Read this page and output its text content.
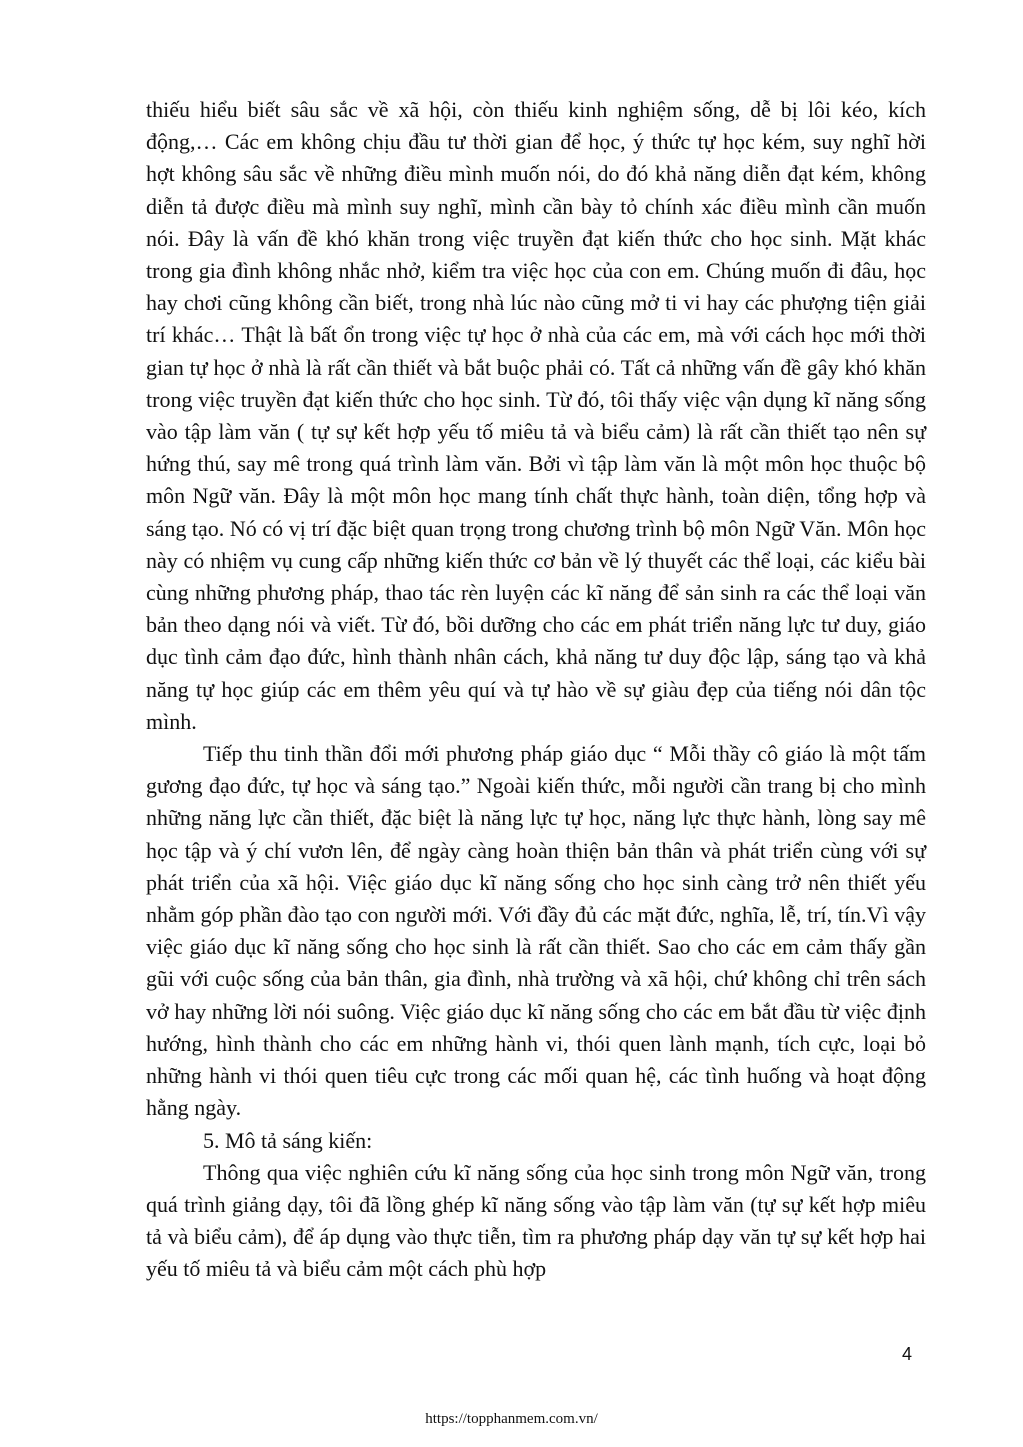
thiếu hiểu biết sâu sắc về xã hội, còn thiếu kinh nghiệm sống, dễ bị lôi kéo, kích động,… Các em không chịu đầu tư thời gian để học, ý thức tự học kém, suy nghĩ hời hợt không sâu sắc về những điều mình muốn nói, do đó khả năng diễn đạt kém, không diễn tả được điều mà mình suy nghĩ, mình cần bày tỏ chính xác điều mình cần muốn nói. Đây là vấn đề khó khăn trong việc truyền đạt kiến thức cho học sinh. Mặt khác trong gia đình không nhắc nhở, kiểm tra việc học của con em. Chúng muốn đi đâu, học hay chơi cũng không cần biết, trong nhà lúc nào cũng mở ti vi hay các phượng tiện giải trí khác… Thật là bất ổn trong việc tự học ở nhà của các em, mà với cách học mới thời gian tự học ở nhà là rất cần thiết và bắt buộc phải có. Tất cả những vấn đề gây khó khăn trong việc truyền đạt kiến thức cho học sinh. Từ đó, tôi thấy việc vận dụng kĩ năng sống vào tập làm văn ( tự sự kết hợp yếu tố miêu tả và biểu cảm) là rất cần thiết tạo nên sự hứng thú, say mê trong quá trình làm văn. Bởi vì tập làm văn là một môn học thuộc bộ môn Ngữ văn. Đây là một môn học mang tính chất thực hành, toàn diện, tổng hợp và sáng tạo. Nó có vị trí đặc biệt quan trọng trong chương trình bộ môn Ngữ Văn. Môn học này có nhiệm vụ cung cấp những kiến thức cơ bản về lý thuyết các thể loại, các kiểu bài cùng những phương pháp, thao tác rèn luyện các kĩ năng để sản sinh ra các thể loại văn bản theo dạng nói và viết. Từ đó, bồi dưỡng cho các em phát triển năng lực tư duy, giáo dục tình cảm đạo đức, hình thành nhân cách, khả năng tư duy độc lập, sáng tạo và khả năng tự học giúp các em thêm yêu quí và tự hào về sự giàu đẹp của tiếng nói dân tộc mình.

Tiếp thu tinh thần đổi mới phương pháp giáo dục “ Mỗi thầy cô giáo là một tấm gương đạo đức, tự học và sáng tạo.” Ngoài kiến thức, mỗi người cần trang bị cho mình những năng lực cần thiết, đặc biệt là năng lực tự học, năng lực thực hành, lòng say mê học tập và ý chí vươn lên, để ngày càng hoàn thiện bản thân và phát triển cùng với sự phát triển của xã hội. Việc giáo dục kĩ năng sống cho học sinh càng trở nên thiết yếu nhằm góp phần đào tạo con người mới. Với đầy đủ các mặt đức, nghĩa, lễ, trí, tín.Vì vậy việc giáo dục kĩ năng sống cho học sinh là rất cần thiết. Sao cho các em cảm thấy gần gũi với cuộc sống của bản thân, gia đình, nhà trường và xã hội, chứ không chỉ trên sách vở hay những lời nói suông. Việc giáo dục kĩ năng sống cho các em bắt đầu từ việc định hướng, hình thành cho các em những hành vi, thói quen lành mạnh, tích cực, loại bỏ những hành vi thói quen tiêu cực trong các mối quan hệ, các tình huống và hoạt động hằng ngày.

5. Mô tả sáng kiến:

Thông qua việc nghiên cứu kĩ năng sống của học sinh trong môn Ngữ văn, trong quá trình giảng dạy, tôi đã lồng ghép kĩ năng sống vào tập làm văn (tự sự kết hợp miêu tả và biểu cảm), để áp dụng vào thực tiễn, tìm ra phương pháp dạy văn tự sự kết hợp hai yếu tố miêu tả và biểu cảm một cách phù hợp

4
https://topphanmem.com.vn/
